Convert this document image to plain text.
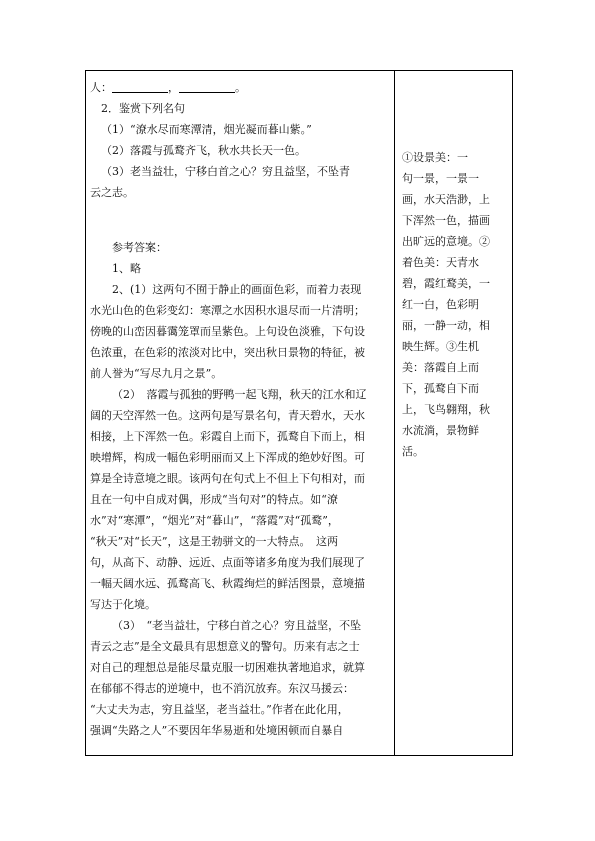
人：	，	。
2．鉴赏下列名句
（1）“潦水尽而寒潭清，烟光凝而暮山紫。”
（2）落霞与孤鹜齐飞，秋水共长天一色。
（3）老当益壮，宁移白首之心？穷且益坚，不坠青
云之志。
参考答案：
1、略
2、(1）这两句不囿于静止的画面色彩，而着力表现
水光山色的色彩变幻：寒潭之水因积水退尽而一片清明；
傍晚的山峦因暮霭笼罩而呈紫色。上句设色淡雅，下句设
色浓重，在色彩的浓淡对比中，突出秋日景物的特征，被
前人誉为“写尽九月之景”。
（2）　落霞与孤独的野鸭一起飞翔，秋天的江水和辽
阔的天空浑然一色。这两句是写景名句，青天碧水，天水
相接，上下浑然一色。彩霞自上而下，孤鹜自下而上，相
映增辉，构成一幅色彩明丽而又上下浑成的绝妙好图。可
算是全诗意境之眼。该两句在句式上不但上下句相对，而
且在一句中自成对偶，形成“当句对”的特点。如“潦
水”对“寒潭”，“烟光”对“暮山”，“落霞”对“孤鹜”，
“秋天”对“长天”，这是王勃骈文的一大特点。　这两
句，从高下、动静、远近、点面等诸多角度为我们展现了
一幅天阔水远、孤鹜高飞、秋霞绚烂的鲜活图景，意境描
写达于化境。
（3）　“老当益壮，宁移白首之心？穷且益坚，不坠
青云之志”是全文最具有思想意义的警句。历来有志之士
对自己的理想总是能尽量克服一切困难执著地追求，就算
在郁郁不得志的逆境中，也不消沉放弃。东汉马援云：
“大丈夫为志，穷且益坚，老当益壮。”作者在此化用，
强调“失路之人”不要因年华易逝和处境困顿而自暴自
①设景美：一
句一景，一景一
画，水天浩渺，上
下浑然一色，描画
出旷远的意境。②
着色美：天青水
碧，霞红鹜美，一
红一白，色彩明
丽，一静一动，相
映生辉。③生机
美：落霞自上而
下，孤鹜自下而
上，飞鸟翱翔，秋
水流淌，景物鲜
活。
